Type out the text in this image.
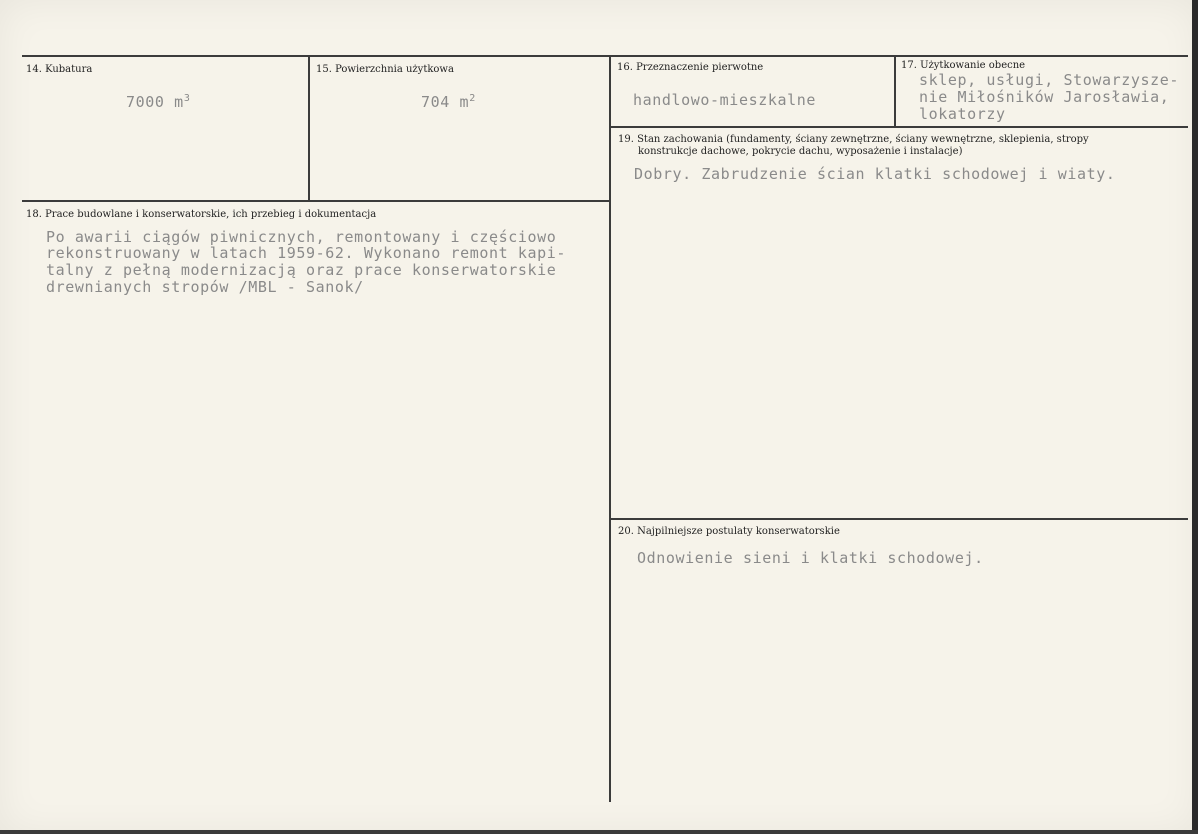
14. Kubatura
7000 $m^3$
15. Powierzchnia użytkowa
704 $m^2$
16. Przeznaczenie pierwotne
handlowo-mieszkalne
17. Użytkowanie obecne
sklep, usługi, Stowarzysze-
nie Miłośników Jarosławia,
lokatorzy
18. Prace budowlane i konserwatorskie, ich przebieg i dokumentacja
Po awarii ciągów piwnicznych, remontowany i częściowo
rekonstruowany w latach 1959-62. Wykonano remont kapi-
talny z pełną modernizacją oraz prace konserwatorskie
drewnianych stropów /MBL - Sanok/
19. Stan zachowania (fundamenty, ściany zewnętrzne, ściany wewnętrzne, sklepienia, stropy
konstrukcje dachowe, pokrycie dachu, wyposażenie i instalacje)
Dobry. Zabrudzenie ścian klatki schodowej i wiaty.
20. Najpilniejsze postulaty konserwatorskie
Odnowienie sieni i klatki schodowej.
